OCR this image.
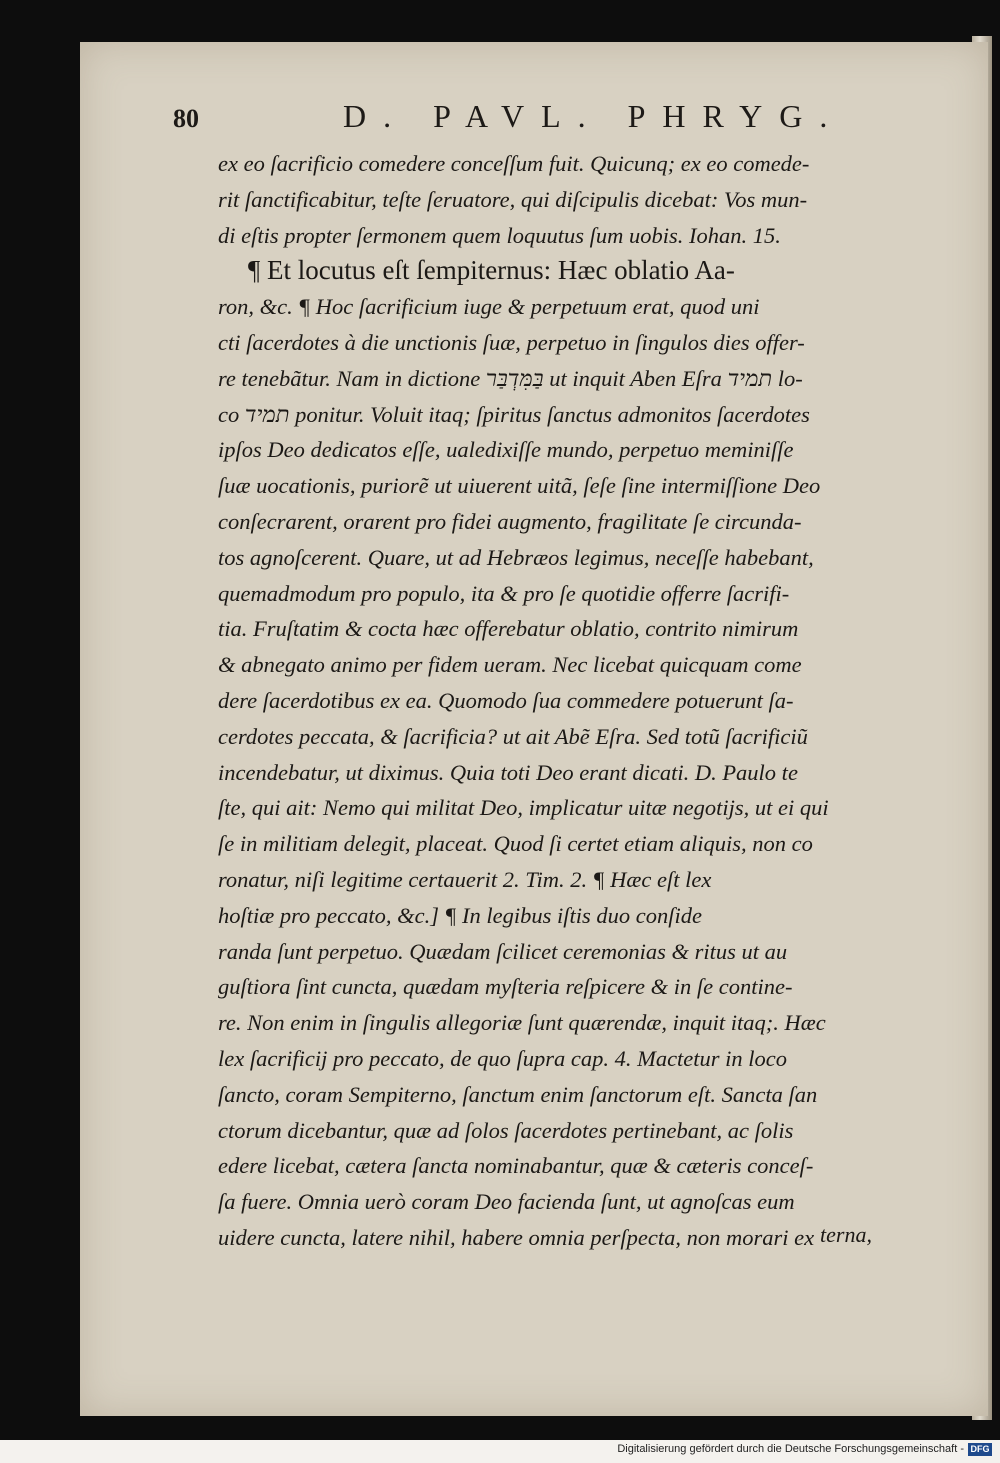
80	D. PAVL. PHRYG.
ex eo ſacrificio comedere conceſſum fuit. Quicunq; ex eo comede-
rit ſanctificabitur, teſte ſeruatore, qui diſcipulis dicebat: Vos mun-
di eſtis propter ſermonem quem loquutus ſum uobis. Iohan. 15.
¶ Et locutus eſt ſempiternus: Hæc oblatio Aa-
ron, &c. ¶ Hoc ſacrificium iuge & perpetuum erat, quod uni
cti ſacerdotes à die unctionis ſuæ, perpetuo in ſingulos dies offer-
re tenebãtur. Nam in dictione בַּמִּדְבַּר ut inquit Aben Eſra תמיד lo-
co תמיד ponitur. Voluit itaq; ſpiritus ſanctus admonitos ſacerdotes
ipſos Deo dedicatos eſſe, ualedixiſſe mundo, perpetuo meminiſſe
ſuæ uocationis, puriorẽ ut uiuerent uitã, ſeſe ſine intermiſſione Deo
conſecrarent, orarent pro fidei augmento, fragilitate ſe circunda-
tos agnoſcerent. Quare, ut ad Hebræos legimus, neceſſe habebant,
quemadmodum pro populo, ita & pro ſe quotidie offerre ſacrifi-
tia. Fruſtatim & cocta hæc offerebatur oblatio, contrito nimirum
& abnegato animo per fidem ueram. Nec licebat quicquam come
dere ſacerdotibus ex ea. Quomodo ſua commedere potuerunt ſa-
cerdotes peccata, & ſacrificia? ut ait Abẽ Eſra. Sed totũ ſacrificiũ
incendebatur, ut diximus. Quia toti Deo erant dicati. D. Paulo te
ſte, qui ait: Nemo qui militat Deo, implicatur uitæ negotijs, ut ei qui
ſe in militiam delegit, placeat. Quod ſi certet etiam aliquis, non co
ronatur, niſi legitime certauerit 2. Tim. 2. ¶ Hæc eſt lex
hoſtiæ pro peccato, &c.] ¶ In legibus iſtis duo conſide
randa ſunt perpetuo. Quædam ſcilicet ceremonias & ritus ut au
guſtiora ſint cuncta, quædam myſteria reſpicere & in ſe contine-
re. Non enim in ſingulis allegoriæ ſunt quærendæ, inquit itaq;. Hæc
lex ſacrificij pro peccato, de quo ſupra cap. 4. Mactetur in loco
ſancto, coram Sempiterno, ſanctum enim ſanctorum eſt. Sancta ſan
ctorum dicebantur, quæ ad ſolos ſacerdotes pertinebant, ac ſolis
edere licebat, cætera ſancta nominabantur, quæ & cæteris conceſ-
ſa fuere. Omnia uerò coram Deo facienda ſunt, ut agnoſcas eum
uidere cuncta, latere nihil, habere omnia perſpecta, non morari ex terna,
Digitalisierung gefördert durch die Deutsche Forschungsgemeinschaft - DFG
